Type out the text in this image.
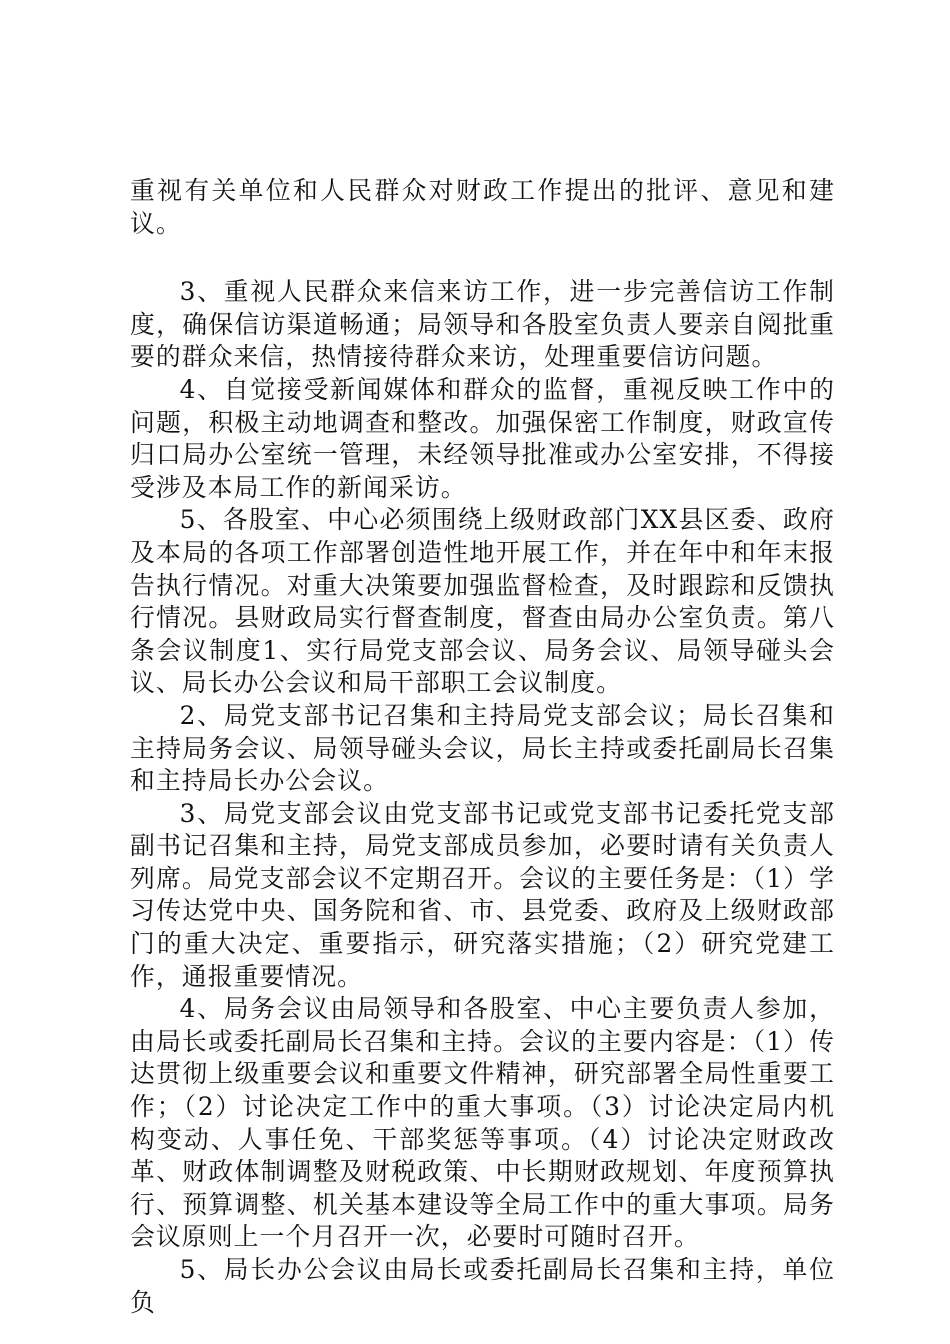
重视有关单位和人民群众对财政工作提出的批评、意见和建议。

3、重视人民群众来信来访工作，进一步完善信访工作制度，确保信访渠道畅通；局领导和各股室负责人要亲自阅批重要的群众来信，热情接待群众来访，处理重要信访问题。

4、自觉接受新闻媒体和群众的监督，重视反映工作中的问题，积极主动地调查和整改。加强保密工作制度，财政宣传归口局办公室统一管理，未经领导批准或办公室安排，不得接受涉及本局工作的新闻采访。

5、各股室、中心必须围绕上级财政部门XX县区委、政府及本局的各项工作部署创造性地开展工作，并在年中和年末报告执行情况。对重大决策要加强监督检查，及时跟踪和反馈执行情况。县财政局实行督查制度，督查由局办公室负责。第八条会议制度1、实行局党支部会议、局务会议、局领导碰头会议、局长办公会议和局干部职工会议制度。

2、局党支部书记召集和主持局党支部会议；局长召集和主持局务会议、局领导碰头会议，局长主持或委托副局长召集和主持局长办公会议。

3、局党支部会议由党支部书记或党支部书记委托党支部副书记召集和主持，局党支部成员参加，必要时请有关负责人列席。局党支部会议不定期召开。会议的主要任务是：（1）学习传达党中央、国务院和省、市、县党委、政府及上级财政部门的重大决定、重要指示，研究落实措施；（2）研究党建工作，通报重要情况。

4、局务会议由局领导和各股室、中心主要负责人参加，由局长或委托副局长召集和主持。会议的主要内容是：（1）传达贯彻上级重要会议和重要文件精神，研究部署全局性重要工作；（2）讨论决定工作中的重大事项。（3）讨论决定局内机构变动、人事任免、干部奖惩等事项。（4）讨论决定财政改革、财政体制调整及财税政策、中长期财政规划、年度预算执行、预算调整、机关基本建设等全局工作中的重大事项。局务会议原则上一个月召开一次，必要时可随时召开。

5、局长办公会议由局长或委托副局长召集和主持，单位负
